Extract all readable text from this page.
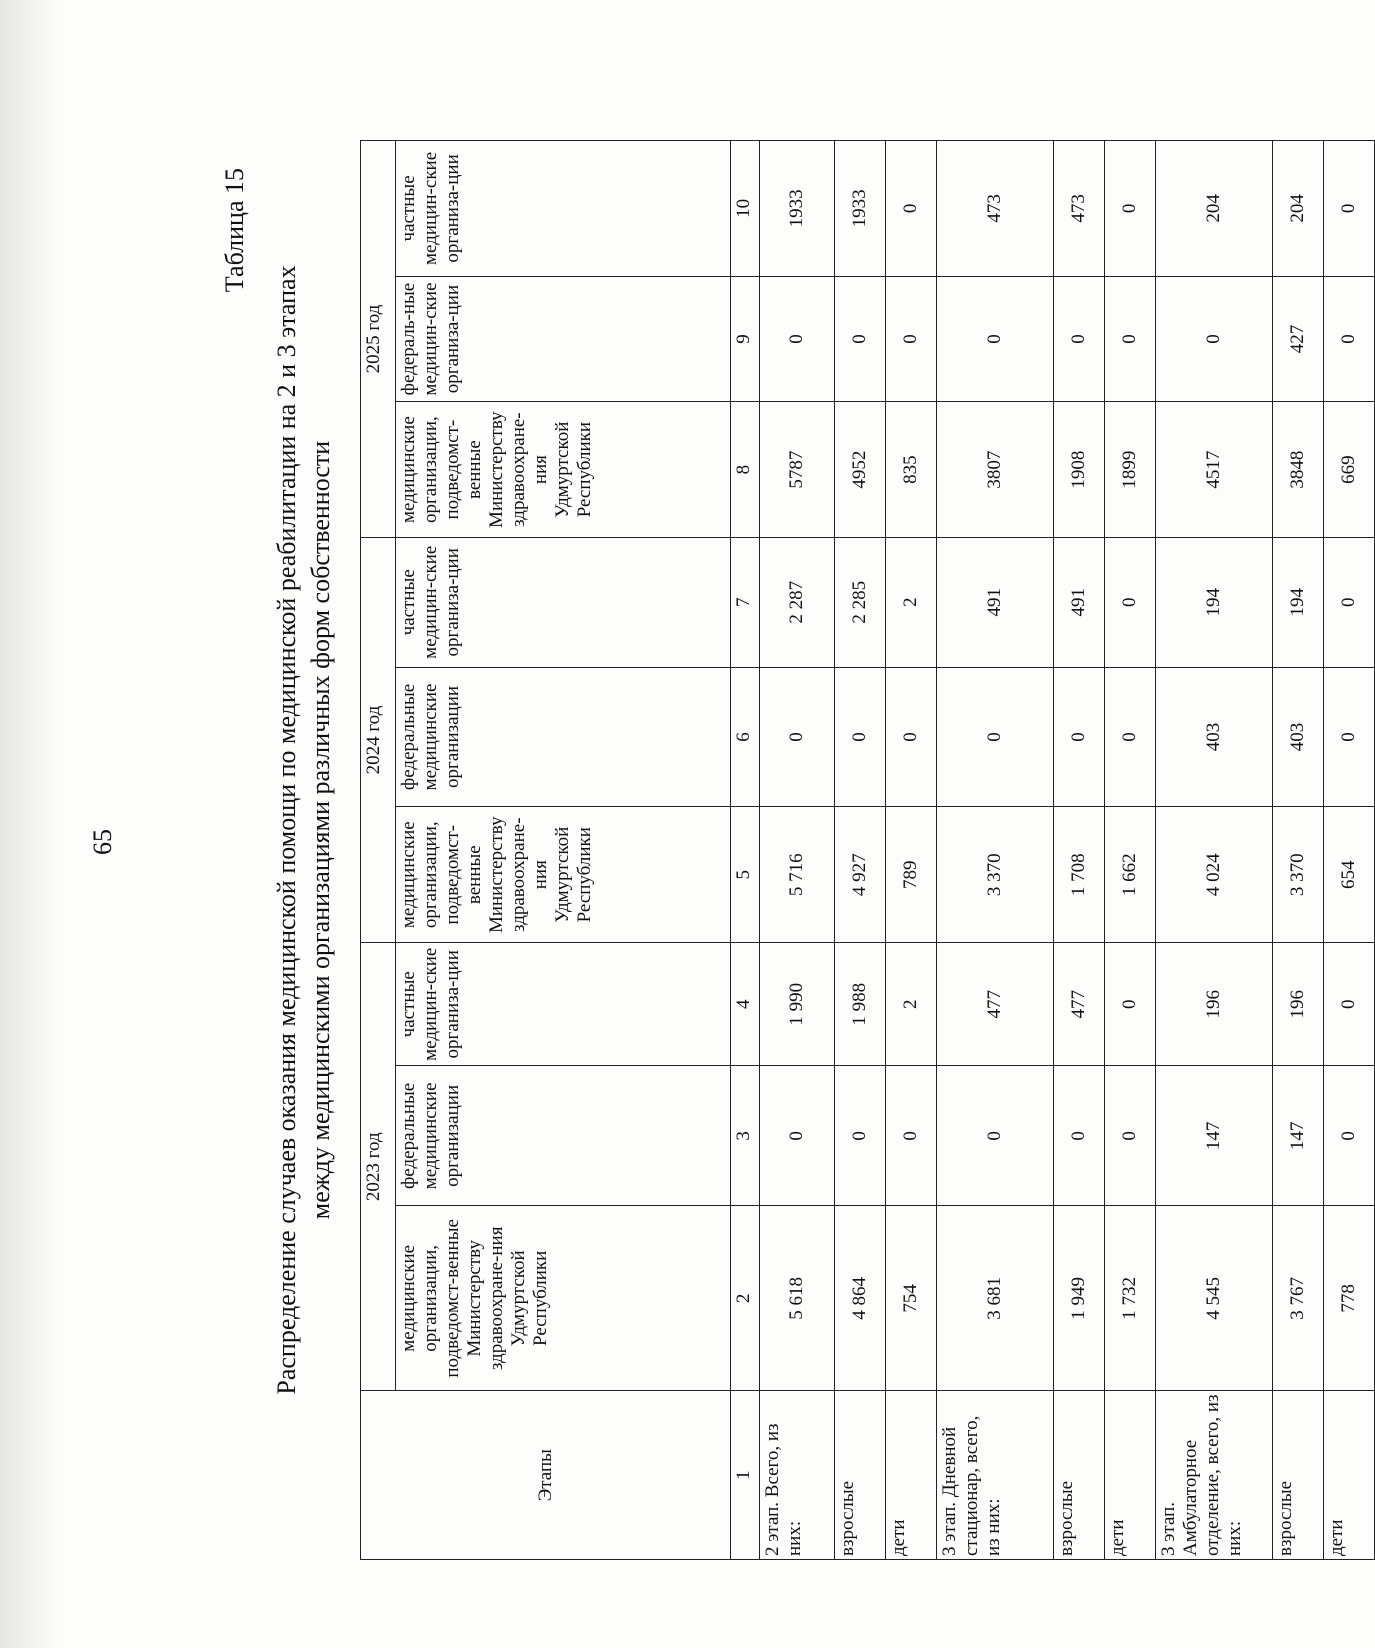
65
Таблица 15
Распределение случаев оказания медицинской помощи по медицинской реабилитации на 2 и 3 этапах между медицинскими организациями различных форм собственности
Этапы	2023 год			2024 год			2025 год		
	медицинские организации, подведомст-венные Министерству здравоохране-ния Удмуртской Республики	федеральные медицинские организации	частные медицин-ские организа-ции	медицинские организации, подведомст-венные Министерству здравоохране-ния Удмуртской Республики	федеральные медицинские организации	частные медицин-ские организа-ции	медицинские организации, подведомст-венные Министерству здравоохране-ния Удмуртской Республики	федераль-ные медицин-ские организа-ции	частные медицин-ские организа-ции
1	2	3	4	5	6	7	8	9	10
2 этап. Всего, из них:	5 618	0	1 990	5 716	0	2 287	5787	0	1933
взрослые	4 864	0	1 988	4 927	0	2 285	4952	0	1933
дети	754	0	2	789	0	2	835	0	0
3 этап. Дневной стационар, всего, из них:	3 681	0	477	3 370	0	491	3807	0	473
взрослые	1 949	0	477	1 708	0	491	1908	0	473
дети	1 732	0	0	1 662	0	0	1899	0	0
3 этап. Амбулаторное отделение, всего, из них:	4 545	147	196	4 024	403	194	4517	0	204
взрослые	3 767	147	196	3 370	403	194	3848	427	204
дети	778	0	0	654	0	0	669	0	0
